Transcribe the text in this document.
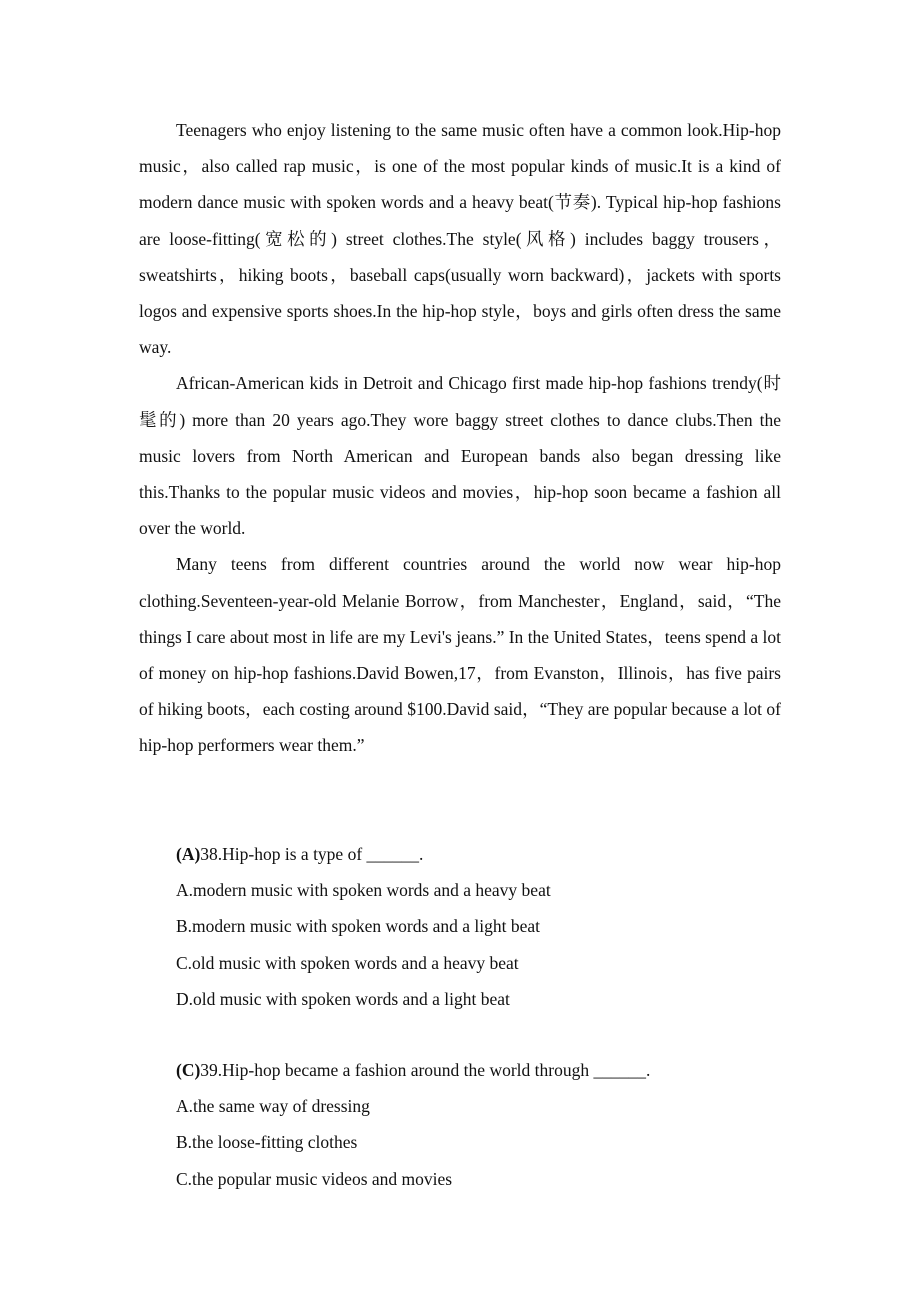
Teenagers who enjoy listening to the same music often have a common look.Hip-hop music，also called rap music，is one of the most popular kinds of music.It is a kind of modern dance music with spoken words and a heavy beat(节奏). Typical hip-hop fashions are loose-fitting(宽松的) street clothes.The style(风格) includes baggy trousers，sweatshirts，hiking boots，baseball caps(usually worn backward)，jackets with sports logos and expensive sports shoes.In the hip-hop style，boys and girls often dress the same way.

African-American kids in Detroit and Chicago first made hip-hop fashions trendy(时髦的) more than 20 years ago.They wore baggy street clothes to dance clubs.Then the music lovers from North American and European bands also began dressing like this.Thanks to the popular music videos and movies，hip-hop soon became a fashion all over the world.

Many teens from different countries around the world now wear hip-hop clothing.Seventeen-year-old Melanie Borrow，from Manchester，England，said，“The things I care about most in life are my Levi's jeans.” In the United States，teens spend a lot of money on hip-hop fashions.David Bowen,17，from Evanston，Illinois，has five pairs of hiking boots，each costing around $100.David said，“They are popular because a lot of hip-hop performers wear them.”

(A)38.Hip-hop is a type of ______.

A.modern music with spoken words and a heavy beat

B.modern music with spoken words and a light beat

C.old music with spoken words and a heavy beat

D.old music with spoken words and a light beat

(C)39.Hip-hop became a fashion around the world through ______.

A.the same way of dressing

B.the loose-fitting clothes

C.the popular music videos and movies
